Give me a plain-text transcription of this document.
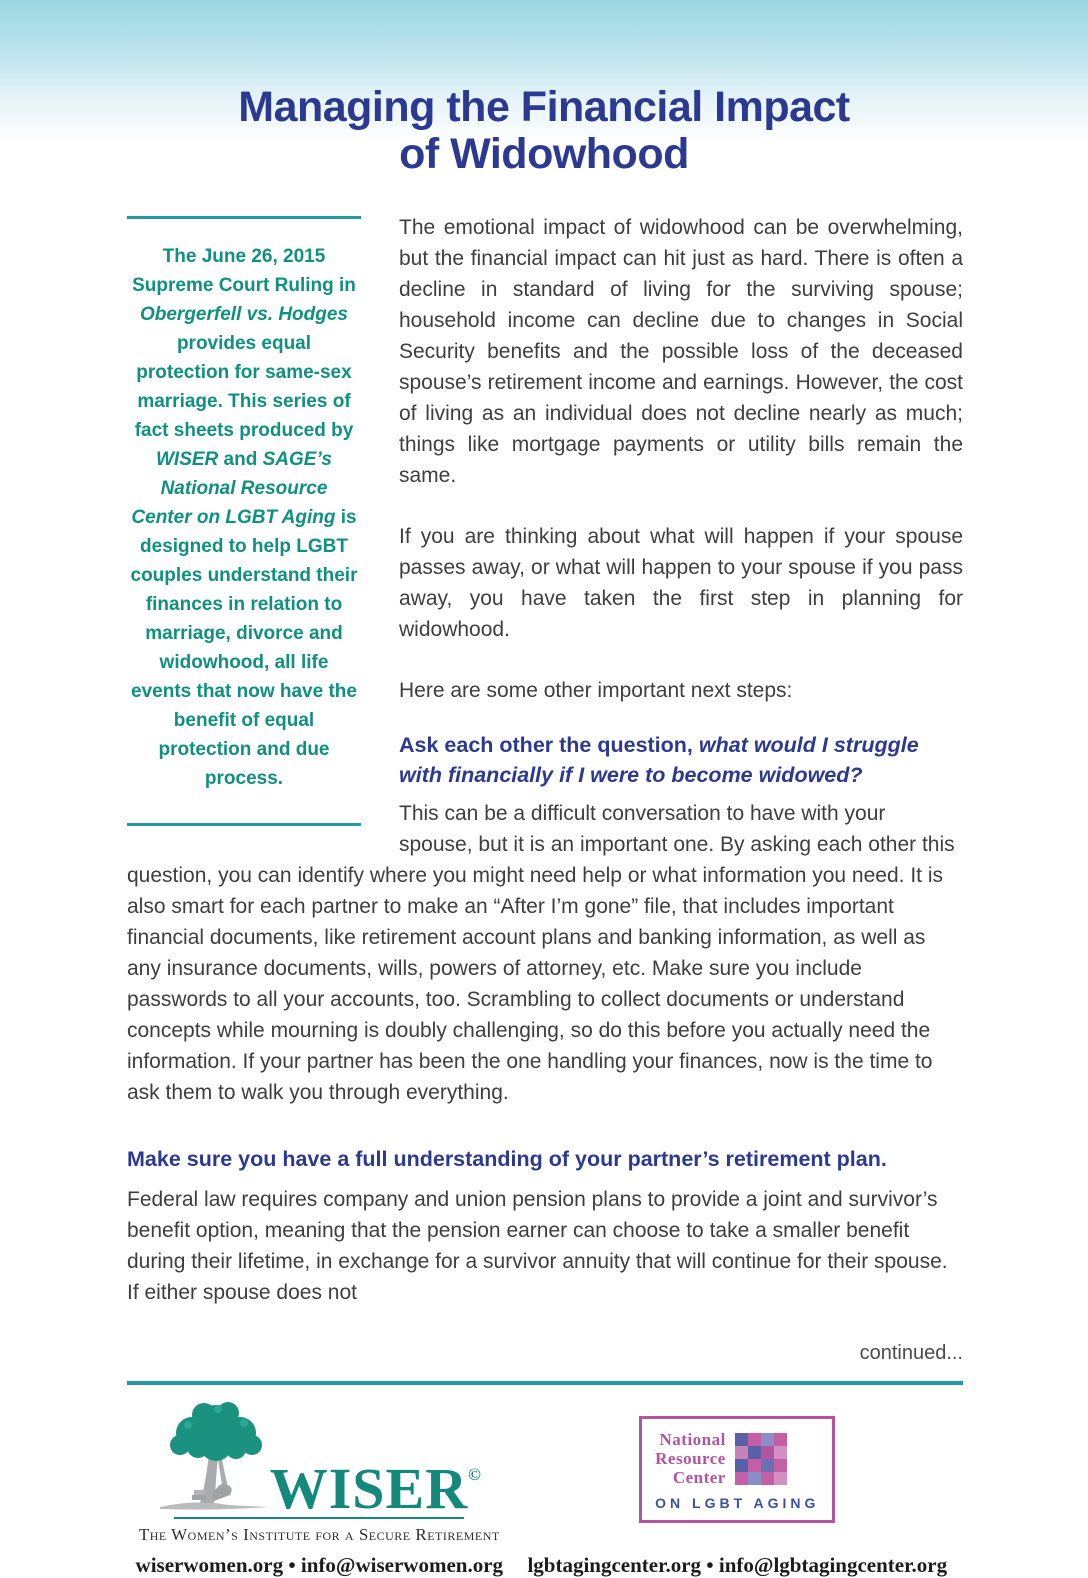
Managing the Financial Impact
of Widowhood
The June 26, 2015 Supreme Court Ruling in Obergerfell vs. Hodges provides equal protection for same-sex marriage. This series of fact sheets produced by WISER and SAGE’s National Resource Center on LGBT Aging is designed to help LGBT couples understand their finances in relation to marriage, divorce and widowhood, all life events that now have the benefit of equal protection and due process.

The emotional impact of widowhood can be overwhelming, but the financial impact can hit just as hard. There is often a decline in standard of living for the surviving spouse; household income can decline due to changes in Social Security benefits and the possible loss of the deceased spouse’s retirement income and earnings. However, the cost of living as an individual does not decline nearly as much; things like mortgage payments or utility bills remain the same.

If you are thinking about what will happen if your spouse passes away, or what will happen to your spouse if you pass away, you have taken the first step in planning for widowhood.

Here are some other important next steps:

Ask each other the question, what would I struggle with financially if I were to become widowed?

This can be a difficult conversation to have with your spouse, but it is an important one. By asking each other this question, you can identify where you might need help or what information you need. It is also smart for each partner to make an “After I’m gone” file, that includes important financial documents, like retirement account plans and banking information, as well as any insurance documents, wills, powers of attorney, etc. Make sure you include passwords to all your accounts, too. Scrambling to collect documents or understand concepts while mourning is doubly challenging, so do this before you actually need the information. If your partner has been the one handling your finances, now is the time to ask them to walk you through everything.

Make sure you have a full understanding of your partner’s retirement plan.

Federal law requires company and union pension plans to provide a joint and survivor’s benefit option, meaning that the pension earner can choose to take a smaller benefit during their lifetime, in exchange for a survivor annuity that will continue for their spouse. If either spouse does not

continued...
WISER©
The Women’s Institute for a Secure Retirement
wiserwomen.org • info@wiserwomen.org
National
Resource
Center
ON LGBT AGING
lgbtagingcenter.org • info@lgbtagingcenter.org
